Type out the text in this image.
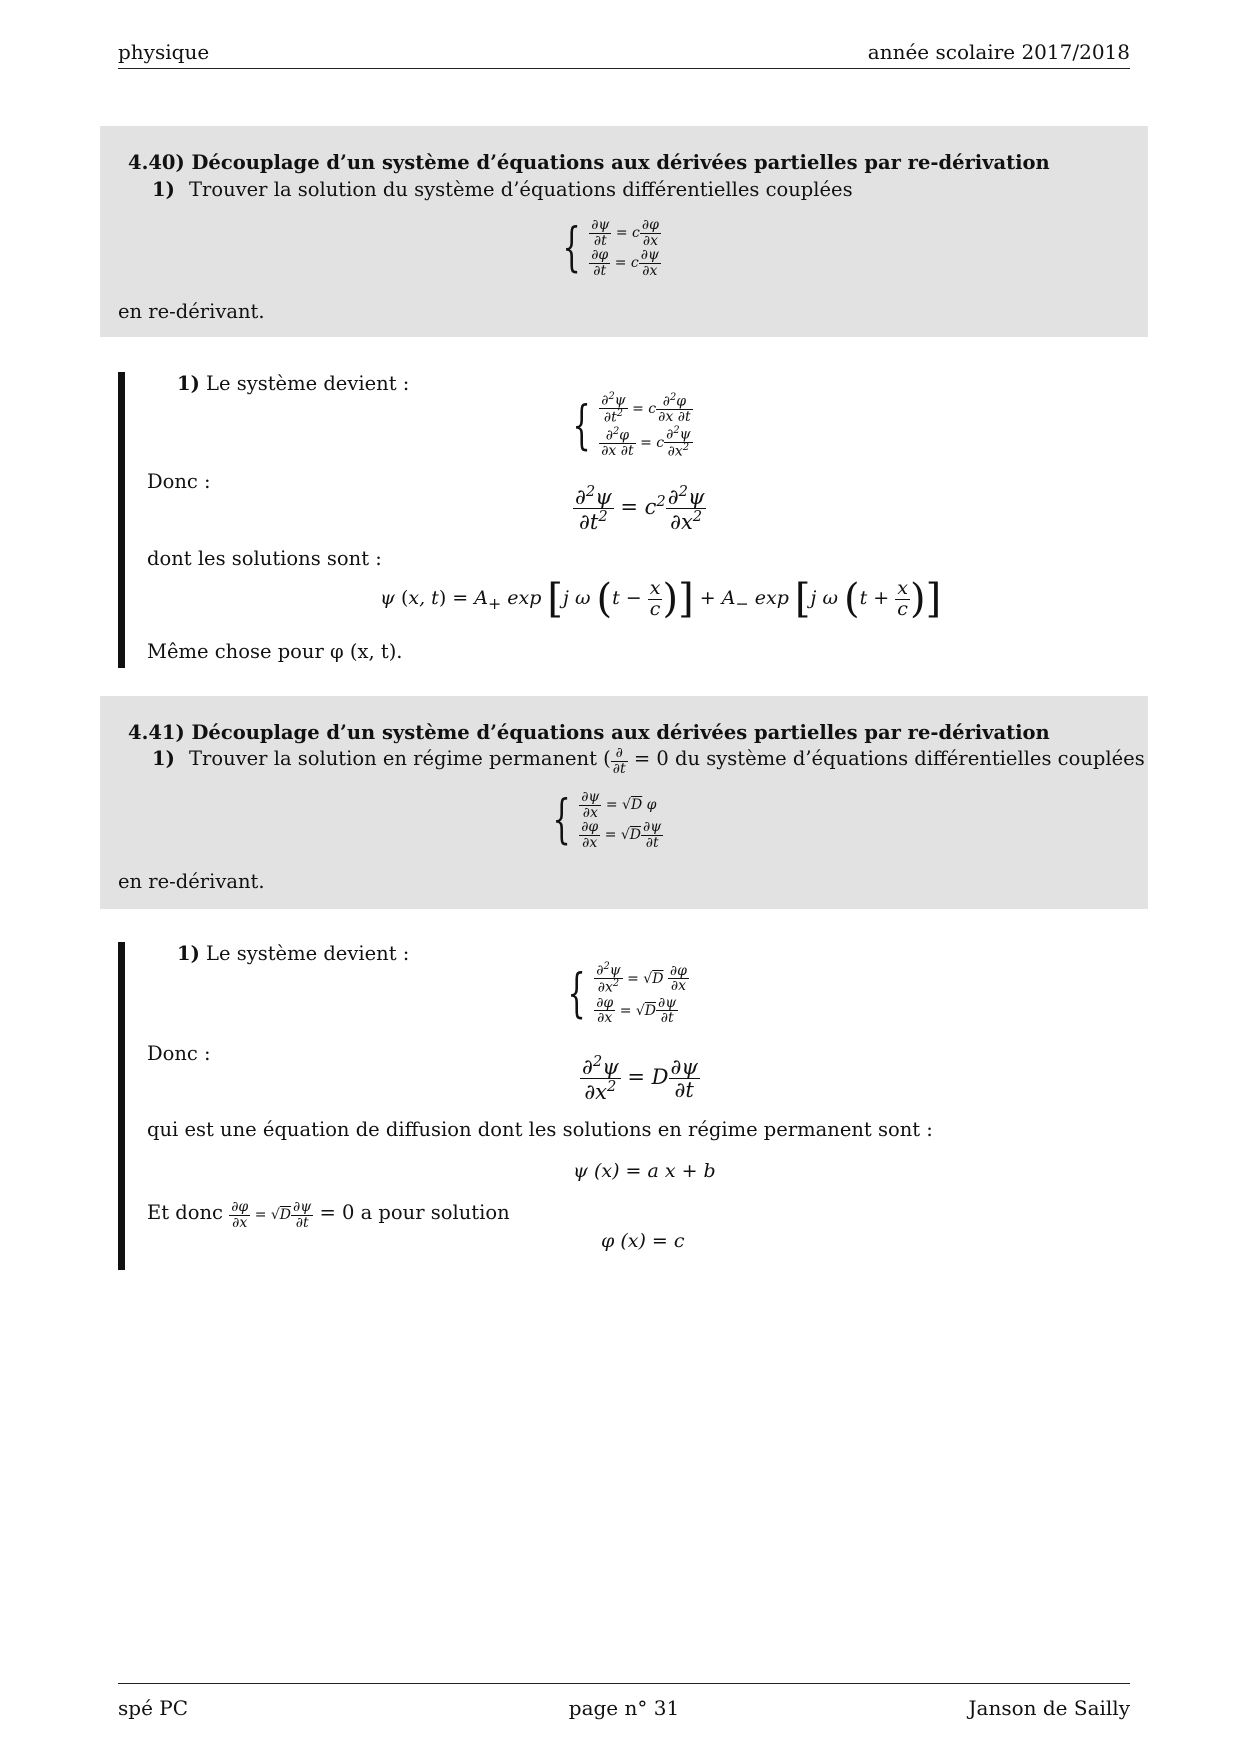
physique	année scolaire 2017/2018
4.40) Découplage d’un système d’équations aux dérivées partielles par re-dérivation
1) Trouver la solution du système d’équations différentielles couplées
{ $\frac{\partial\psi}{\partial t} = c \frac{\partial\varphi}{\partial x}$
$\frac{\partial\varphi}{\partial t} = c \frac{\partial\psi}{\partial x}$
en re-dérivant.
1) Le système devient :
{ $\frac{\partial^2\psi}{\partial t^2} = c \frac{\partial^2\varphi}{\partial x \partial t}$
$\frac{\partial^2\varphi}{\partial x \partial t} = c \frac{\partial^2\psi}{\partial x^2}$
Donc :
$\frac{\partial^2\psi}{\partial t^2} = c^2 \frac{\partial^2\psi}{\partial x^2}$
dont les solutions sont :
ψ (x, $t) = A_+$ exp [j ω ($t - \frac{x}{c}$ )] + $A_-$ exp [j ω ($t + \frac{x}{c}$ )]
Même chose pour φ (x, t).
4.41) Découplage d’un système d’équations aux dérivées partielles par re-dérivation
1) Trouver la solution en régime permanent ( $\frac{\partial}{\partial t} = 0$ du système d’équations différentielles couplées
{ $\frac{\partial\psi}{\partial x} = √D$ φ
$\frac{\partial\varphi}{\partial x} = √D \frac{\partial\psi}{\partial t}$
en re-dérivant.
1) Le système devient :
{ $\frac{\partial^2\psi}{\partial x^2} = √D \frac{\partial\varphi}{\partial x}$
$\frac{\partial\varphi}{\partial x} = √D \frac{\partial\psi}{\partial t}$
Donc :
$\frac{\partial^2\psi}{\partial x^2} = D \frac{\partial\psi}{\partial t}$
qui est une équation de diffusion dont les solutions en régime permanent sont :
ψ (x) = a x + b
Et donc $\frac{\partial\varphi}{\partial x} = √D \frac{\partial\psi}{\partial t} = 0$ a pour solution
φ (x) = c
spé PC	page n° 31	Janson de Sailly
